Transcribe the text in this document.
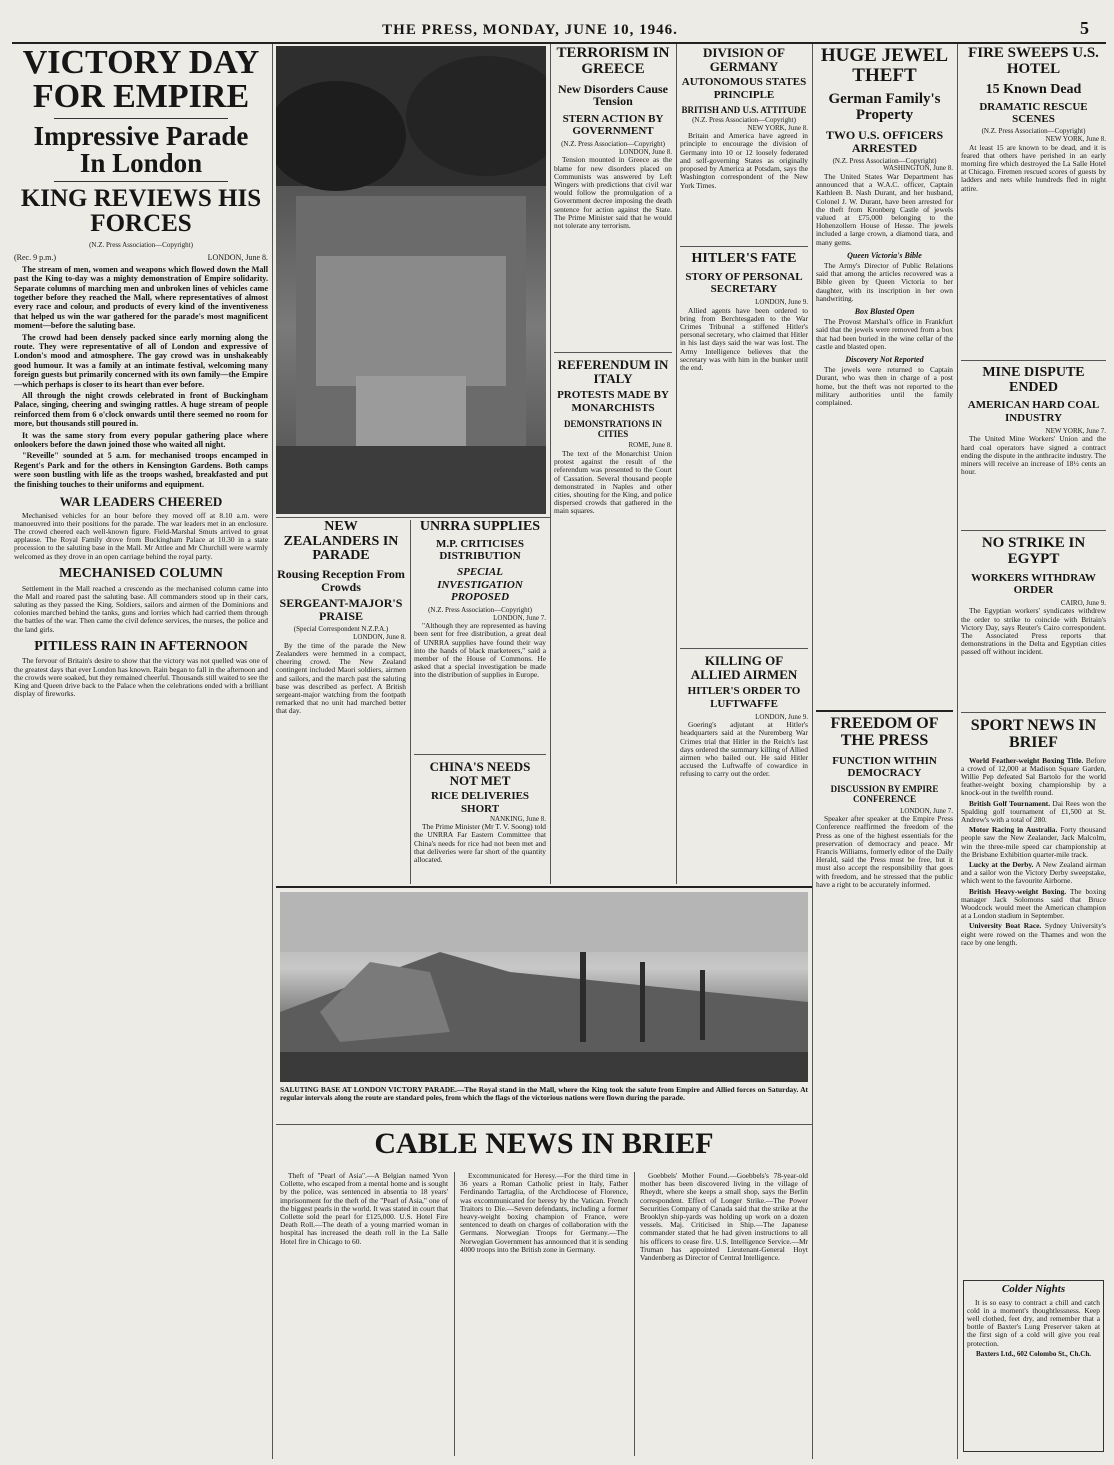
THE PRESS, MONDAY, JUNE 10, 1946.	5
VICTORY DAY
FOR EMPIRE
Impressive Parade
In London
KING REVIEWS HIS
FORCES
(N.Z. Press Association—Copyright)
(Rec. 9 p.m.)	LONDON, June 8.

The stream of men, women and weapons which flowed down the Mall past the King to-day was a mighty demonstration of Empire solidarity. Separate columns of marching men and unbroken lines of vehicles came together before they reached the Mall, where representatives of almost every race and colour, and products of every kind of the inventiveness that helped us win the war gathered for the parade's most magnificent moment—before the saluting base.

The crowd had been densely packed since early morning along the route. They were representative of all of London and expressive of London's mood and atmosphere. The gay crowd was in unshakeably good humour. It was a family at an intimate festival, welcoming many foreign guests but primarily concerned with its own family—the Empire—which perhaps is closer to its heart than ever before.

All through the night crowds celebrated in front of Buckingham Palace, singing, cheering and swinging rattles. A huge stream of people reinforced them from 6 o'clock onwards until there seemed no room for more, but thousands still poured in.

It was the same story from every popular gathering place where onlookers before the dawn joined those who waited all night.

"Reveille" sounded at 5 a.m. for mechanised troops encamped in Regent's Park and for the others in Kensington Gardens. Both camps were soon bustling with life as the troops washed, breakfasted and put the finishing touches to their uniforms and equipment.

WAR LEADERS CHEERED

Mechanised vehicles for an hour before they moved off at 8.10 a.m. were manoeuvred into their positions for the parade. The war leaders met in an enclosure. The crowd cheered each well-known figure. Field-Marshal Smuts arrived to great applause. The Royal Family drove from Buckingham Palace at 10.30 in a state procession to the saluting base in the Mall. Mr Attlee and Mr Churchill were warmly welcomed as they drove in an open carriage behind the royal party.

MECHANISED COLUMN

Settlement in the Mall reached a crescendo as the mechanised column came into the Mall and roared past the saluting base. All commanders stood up in their cars, saluting as they passed the King. Soldiers, sailors and airmen of the Dominions and colonies marched behind the tanks, guns and lorries which had carried them through the battles of the war. Then came the civil defence services, the nurses, the police and the land girls.

PITILESS RAIN IN AFTERNOON

The fervour of Britain's desire to show that the victory was not quelled was one of the greatest days that ever London has known. Rain began to fall in the afternoon and the crowds were soaked, but they remained cheerful. Thousands still waited to see the King and Queen drive back to the Palace when the celebrations ended with a brilliant display of fireworks.

NEW ZEALANDERS IN PARADE
Rousing Reception From Crowds
SERGEANT-MAJOR'S PRAISE
(Special Correspondent N.Z.P.A.)
LONDON, June 8.

By the time of the parade the New Zealanders were hemmed in a compact, cheering crowd. The New Zealand contingent included Maori soldiers, airmen and sailors, and the march past the saluting base was described as perfect. A British sergeant-major watching from the footpath remarked that no unit had marched better that day.

UNRRA SUPPLIES
M.P. CRITICISES DISTRIBUTION
SPECIAL INVESTIGATION PROPOSED
(N.Z. Press Association—Copyright)
LONDON, June 7.

"Although they are represented as having been sent for free distribution, a great deal of UNRRA supplies have found their way into the hands of black marketeers," said a member of the House of Commons. He asked that a special investigation be made into the distribution of supplies in Europe.

CHINA'S NEEDS NOT MET
RICE DELIVERIES SHORT
NANKING, June 8.

The Prime Minister (Mr T. V. Soong) told the UNRRA Far Eastern Committee that China's needs for rice had not been met and that deliveries were far short of the quantity allocated.

TERRORISM IN GREECE
New Disorders Cause Tension
STERN ACTION BY GOVERNMENT
(N.Z. Press Association—Copyright)
LONDON, June 8.

Tension mounted in Greece as the blame for new disorders placed on Communists was answered by Left Wingers with predictions that civil war would follow the promulgation of a Government decree imposing the death sentence for action against the State. The Prime Minister said that he would not tolerate any terrorism.

REFERENDUM IN ITALY
PROTESTS MADE BY MONARCHISTS
DEMONSTRATIONS IN CITIES
ROME, June 8.

The text of the Monarchist Union protest against the result of the referendum was presented to the Court of Cassation. Several thousand people demonstrated in Naples and other cities, shouting for the King, and police dispersed crowds that gathered in the main squares.

DIVISION OF GERMANY
AUTONOMOUS STATES PRINCIPLE
BRITISH AND U.S. ATTITUDE
(N.Z. Press Association—Copyright)
NEW YORK, June 8.

Britain and America have agreed in principle to encourage the division of Germany into 10 or 12 loosely federated and self-governing States as originally proposed by America at Potsdam, says the Washington correspondent of the New York Times.

HITLER'S FATE
STORY OF PERSONAL SECRETARY
LONDON, June 9.

Allied agents have been ordered to bring from Berchtesgaden to the War Crimes Tribunal a stiffened Hitler's personal secretary, who claimed that Hitler in his last days said the war was lost. The Army Intelligence believes that the secretary was with him in the bunker until the end.

KILLING OF ALLIED AIRMEN
HITLER'S ORDER TO LUFTWAFFE
LONDON, June 9.

Goering's adjutant at Hitler's headquarters said at the Nuremberg War Crimes trial that Hitler in the Reich's last days ordered the summary killing of Allied airmen who bailed out. He said Hitler accused the Luftwaffe of cowardice in refusing to carry out the order.

HUGE JEWEL THEFT
German Family's Property
TWO U.S. OFFICERS ARRESTED
(N.Z. Press Association—Copyright)
WASHINGTON, June 8.

The United States War Department has announced that a W.A.C. officer, Captain Kathleen B. Nash Durant, and her husband, Colonel J. W. Durant, have been arrested for the theft from Kronberg Castle of jewels valued at £75,000 belonging to the Hohenzollern House of Hesse. The jewels included a large crown, a diamond tiara, and many gems.

Queen Victoria's Bible

The Army's Director of Public Relations said that among the articles recovered was a Bible given by Queen Victoria to her daughter, with its inscription in her own handwriting.

Box Blasted Open

The Provost Marshal's office in Frankfurt said that the jewels were removed from a box that had been buried in the wine cellar of the castle and blasted open.

Discovery Not Reported

The jewels were returned to Captain Durant, who was then in charge of a post home, but the theft was not reported to the military authorities until the family complained.

FREEDOM OF THE PRESS
FUNCTION WITHIN DEMOCRACY
DISCUSSION BY EMPIRE CONFERENCE
LONDON, June 7.

Speaker after speaker at the Empire Press Conference reaffirmed the freedom of the Press as one of the highest essentials for the preservation of democracy and peace. Mr Francis Williams, formerly editor of the Daily Herald, said the Press must be free, but it must also accept the responsibility that goes with freedom, and he stressed that the public have a right to be accurately informed.

FIRE SWEEPS U.S. HOTEL
15 Known Dead
DRAMATIC RESCUE SCENES
(N.Z. Press Association—Copyright)
NEW YORK, June 8.

At least 15 are known to be dead, and it is feared that others have perished in an early morning fire which destroyed the La Salle Hotel at Chicago. Firemen rescued scores of guests by ladders and nets while hundreds fled in night attire.

MINE DISPUTE ENDED
AMERICAN HARD COAL INDUSTRY
NEW YORK, June 7.

The United Mine Workers' Union and the hard coal operators have signed a contract ending the dispute in the anthracite industry. The miners will receive an increase of 18½ cents an hour.

NO STRIKE IN EGYPT
WORKERS WITHDRAW ORDER
CAIRO, June 9.

The Egyptian workers' syndicates withdrew the order to strike to coincide with Britain's Victory Day, says Reuter's Cairo correspondent. The Associated Press reports that demonstrations in the Delta and Egyptian cities passed off without incident.

SPORT NEWS IN BRIEF

World Feather-weight Boxing Title. Before a crowd of 12,000 at Madison Square Garden, Willie Pep defeated Sal Bartolo for the world feather-weight boxing championship by a knock-out in the twelfth round.

British Golf Tournament. Dai Rees won the Spalding golf tournament of £1,500 at St. Andrew's with a total of 280.

Motor Racing in Australia. Forty thousand people saw the New Zealander, Jack Malcolm, win the three-mile speed car championship at the Brisbane Exhibition quarter-mile track.

Lucky at the Derby. A New Zealand airman and a sailor won the Victory Derby sweepstake, which went to the favourite Airborne.

British Heavy-weight Boxing. The boxing manager Jack Solomons said that Bruce Woodcock would meet the American champion at a London stadium in September.

University Boat Race. Sydney University's eight were rowed on the Thames and won the race by one length.

Colder Nights

It is so easy to contract a chill and catch cold in a moment's thoughtlessness. Keep well clothed, feet dry, and remember that a bottle of Baxter's Lung Preserver taken at the first sign of a cold will give you real protection.

Baxters Ltd., 602 Colombo St., Ch.Ch.
SALUTING BASE AT LONDON VICTORY PARADE.—The Royal stand in the Mall, where the King took the salute from Empire and Allied forces on Saturday. At regular intervals along the route are standard poles, from which the flags of the victorious nations were flown during the parade.
CABLE NEWS IN BRIEF

Theft of "Pearl of Asia".—A Belgian named Yvon Collette, who escaped from a mental home and is sought by the police, was sentenced in absentia to 18 years' imprisonment for the theft of the "Pearl of Asia," one of the biggest pearls in the world. It was stated in court that Collette sold the pearl for £125,000. U.S. Hotel Fire Death Roll.—The death of a young married woman in hospital has increased the death roll in the La Salle Hotel fire in Chicago to 60.

Excommunicated for Heresy.—For the third time in 36 years a Roman Catholic priest in Italy, Father Ferdinando Tartaglia, of the Archdiocese of Florence, was excommunicated for heresy by the Vatican. French Traitors to Die.—Seven defendants, including a former heavy-weight boxing champion of France, were sentenced to death on charges of collaboration with the Germans. Norwegian Troops for Germany.—The Norwegian Government has announced that it is sending 4000 troops into the British zone in Germany.

Goebbels' Mother Found.—Goebbels's 78-year-old mother has been discovered living in the village of Rheydt, where she keeps a small shop, says the Berlin correspondent. Effect of Longer Strike.—The Power Securities Company of Canada said that the strike at the Brooklyn ship-yards was holding up work on a dozen vessels. Maj. Criticised in Ship.—The Japanese commander stated that he had given instructions to all his officers to cease fire. U.S. Intelligence Service.—Mr Truman has appointed Lieutenant-General Hoyt Vandenberg as Director of Central Intelligence.
